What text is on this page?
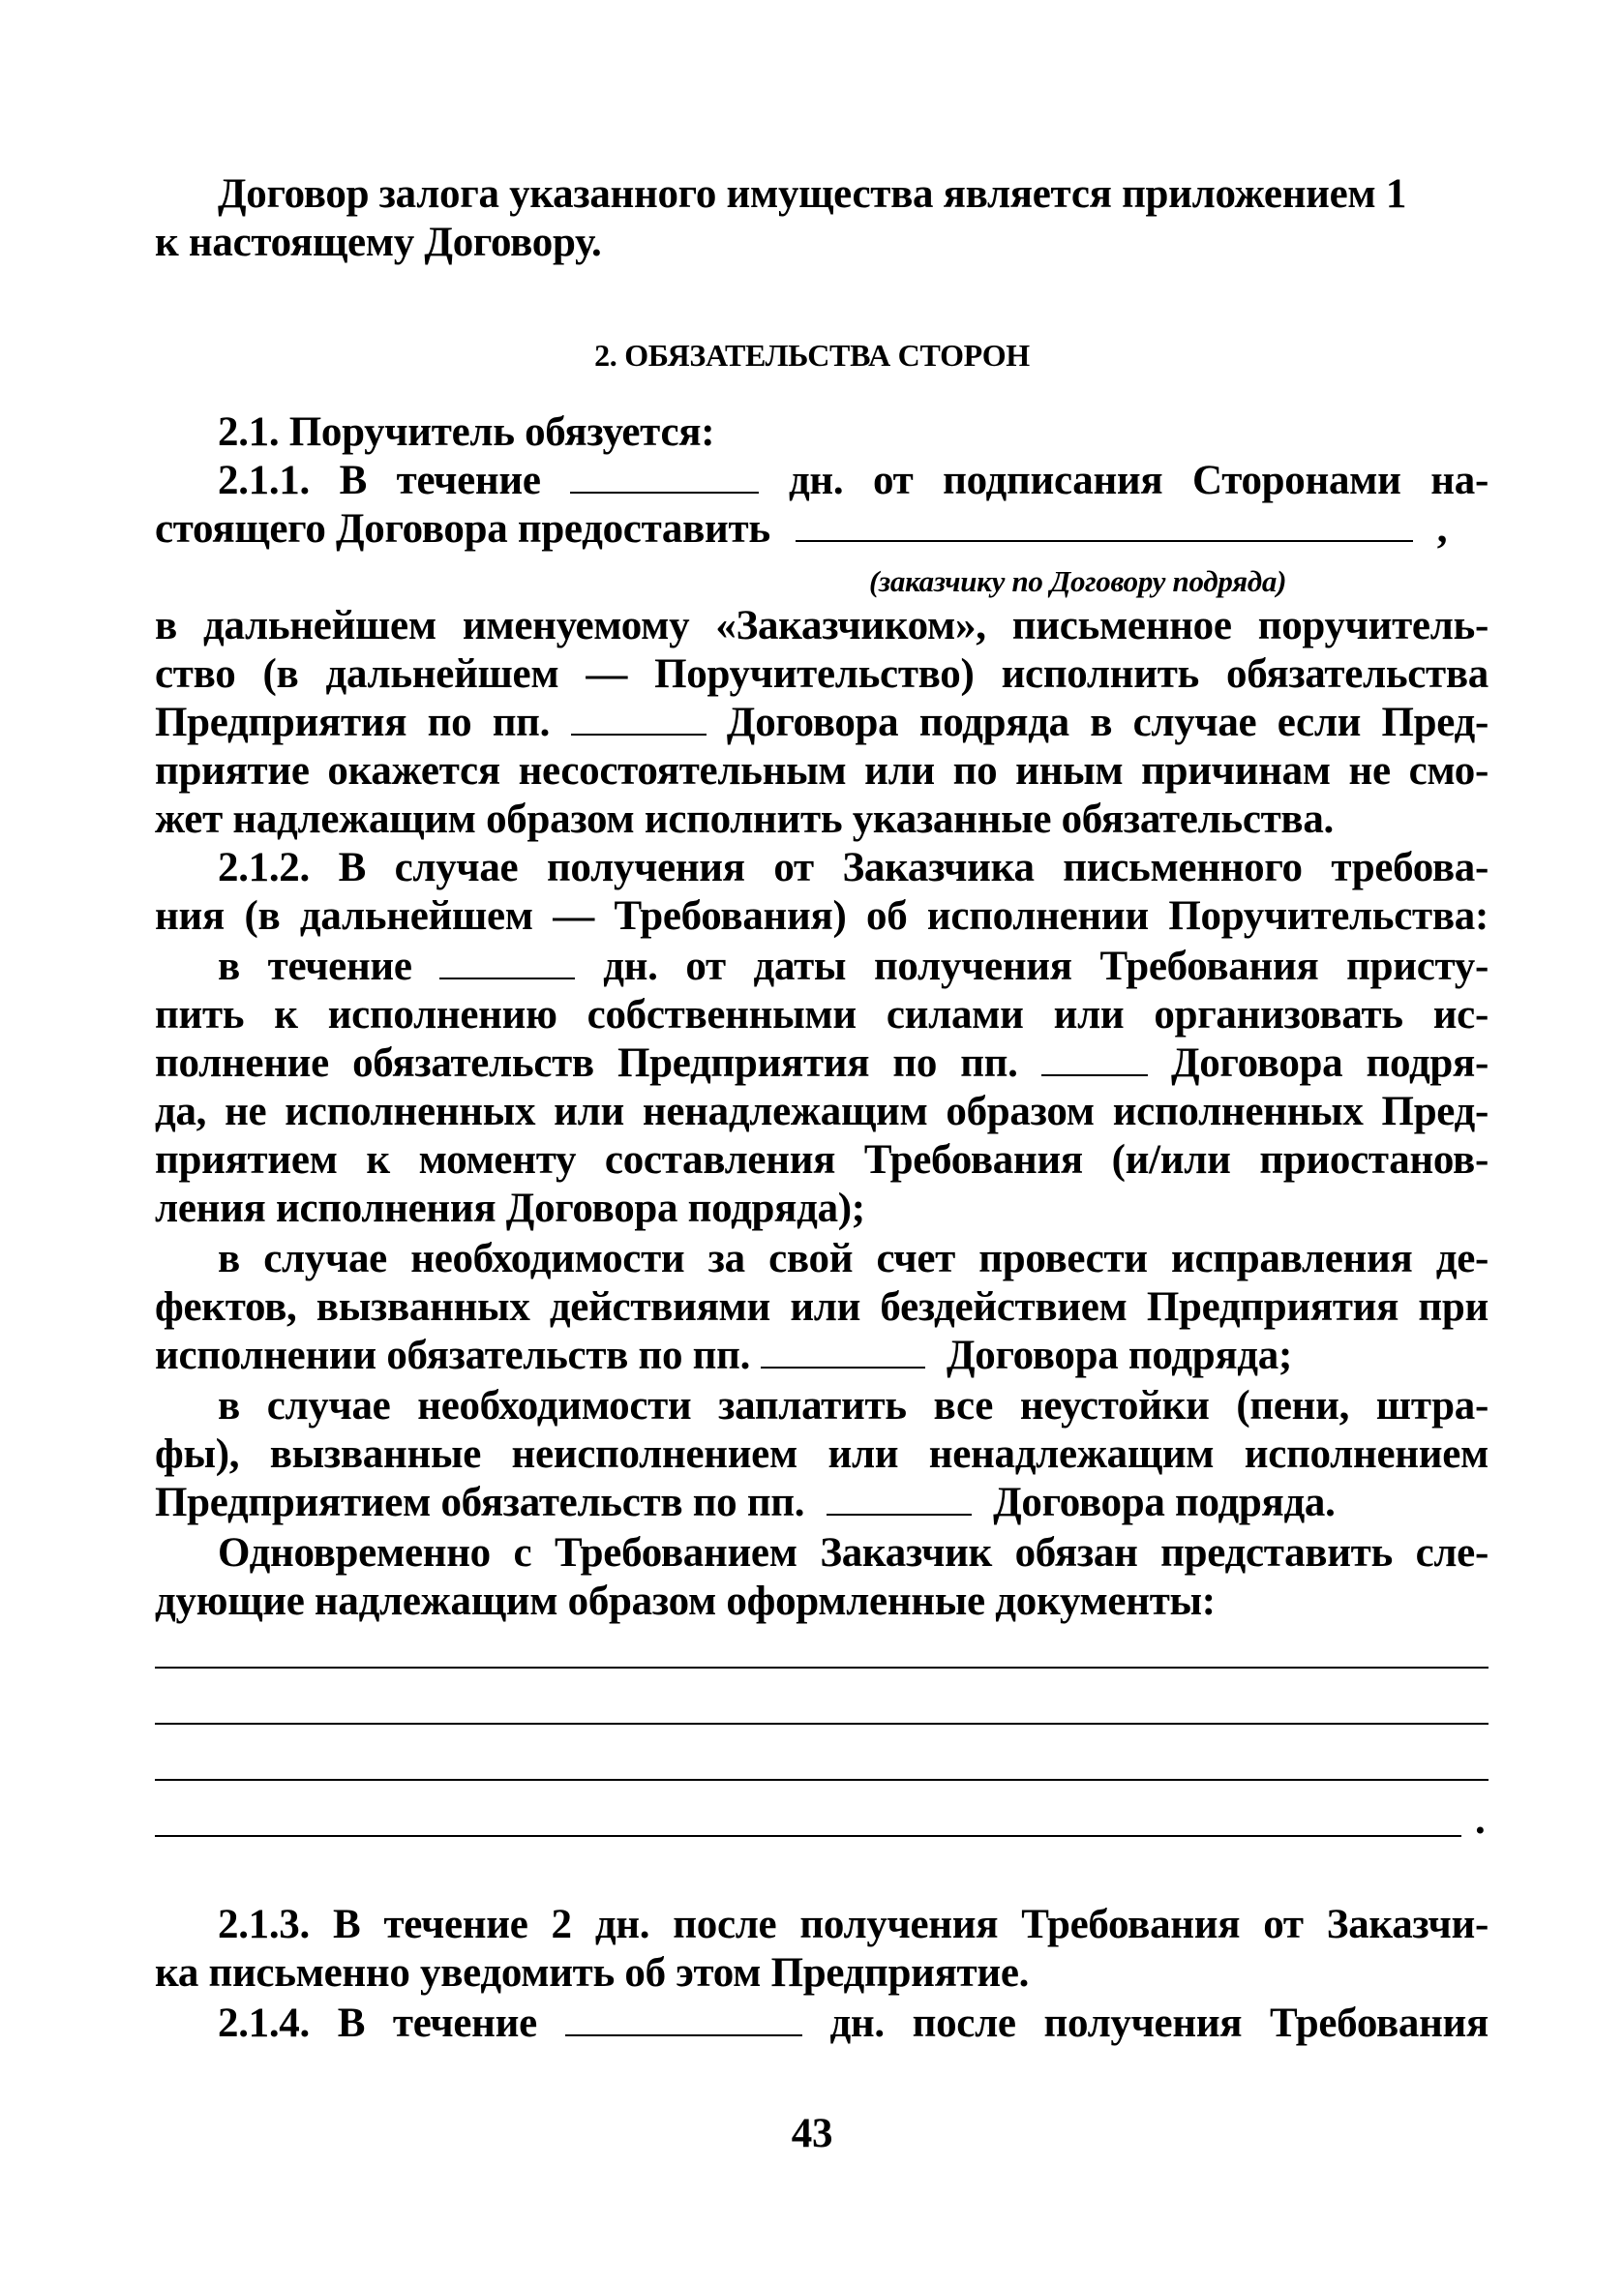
Договор залога указанного имущества является приложением 1
к настоящему Договору.
2. ОБЯЗАТЕЛЬСТВА СТОРОН
2.1. Поручитель обязуется:
2.1.1. В течение	дн. от подписания Сторонами на-
стоящего Договора предоставить	,
(заказчику по Договору подряда)
в дальнейшем именуемому «Заказчиком», письменное поручитель-
ство (в дальнейшем — Поручительство) исполнить обязательства
Предприятия по пп.	Договора подряда в случае если Пред-
приятие окажется несостоятельным или по иным причинам не смо-
жет надлежащим образом исполнить указанные обязательства.
2.1.2. В случае получения от Заказчика письменного требова-
ния (в дальнейшем — Требования) об исполнении Поручительства:
в течение	дн. от даты получения Требования присту-
пить к исполнению собственными силами или организовать ис-
полнение обязательств Предприятия по пп.	Договора подря-
да, не исполненных или ненадлежащим образом исполненных Пред-
приятием к моменту составления Требования (и/или приостанов-
ления исполнения Договора подряда);
в случае необходимости за свой счет провести исправления де-
фектов, вызванных действиями или бездействием Предприятия при
исполнении обязательств по пп.	Договора подряда;
в случае необходимости заплатить все неустойки (пени, штра-
фы), вызванные неисполнением или ненадлежащим исполнением
Предприятием обязательств по пп.	Договора подряда.
Одновременно с Требованием Заказчик обязан представить сле-
дующие надлежащим образом оформленные документы:
.
2.1.3. В течение 2 дн. после получения Требования от Заказчи-
ка письменно уведомить об этом Предприятие.
2.1.4. В течение	дн. после получения Требования
43
